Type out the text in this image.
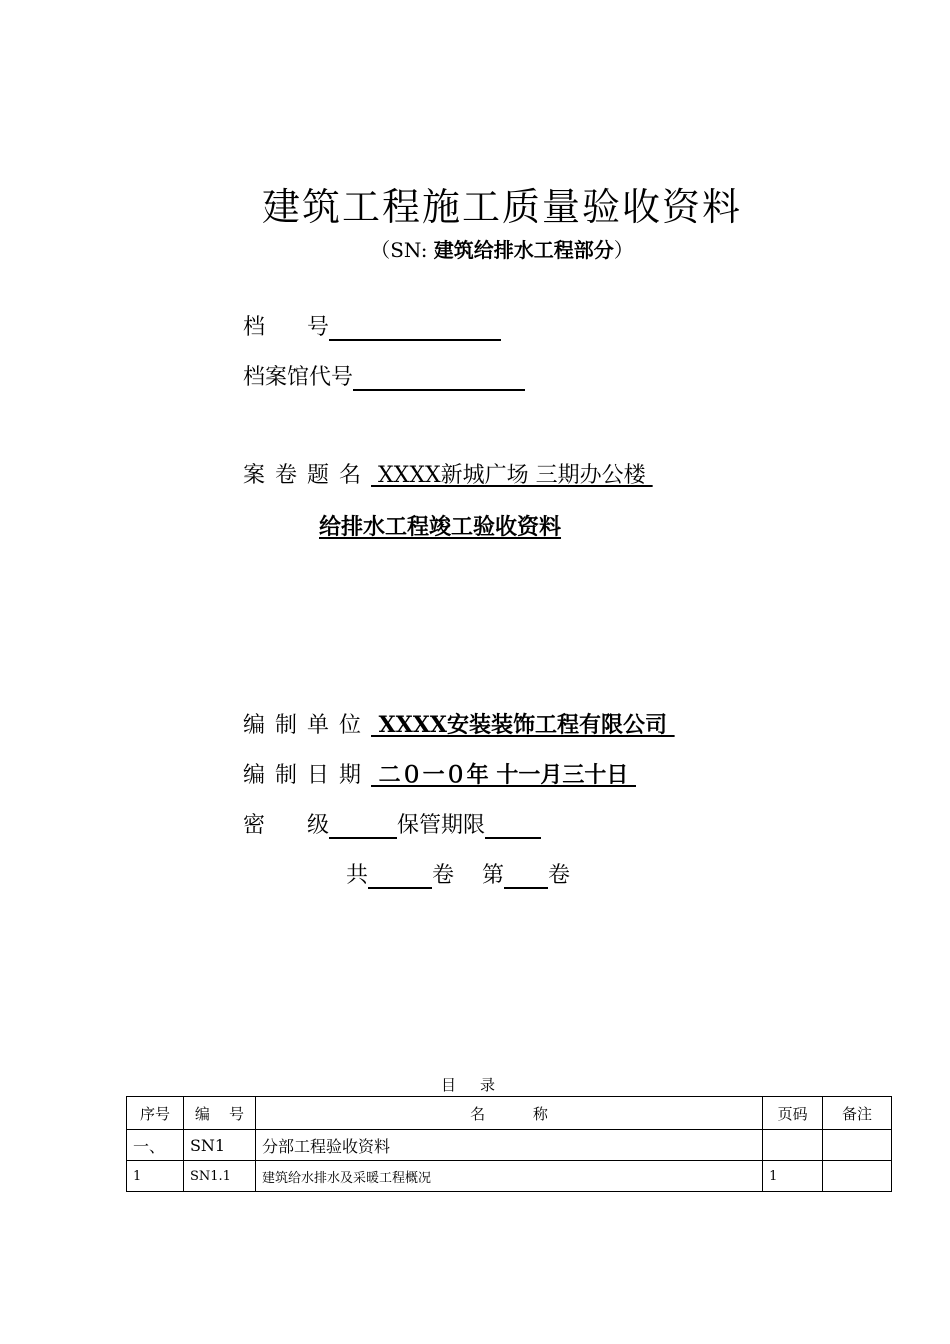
建筑工程施工质量验收资料
（SN: 建筑给排水工程部分）
档      号
档案馆代号
案卷题名 XXXX新城广场 三期办公楼
给排水工程竣工验收资料
编制单位 XXXX安装装饰工程有限公司
编制日期 二０一０年 十一月三十日
密      级	保管期限
共	卷    第 卷
目录
序号	编    号	名          称	页码	备注
一、	SN1	分部工程验收资料		
1	SN1.1	建筑给水排水及采暖工程概况	1	
